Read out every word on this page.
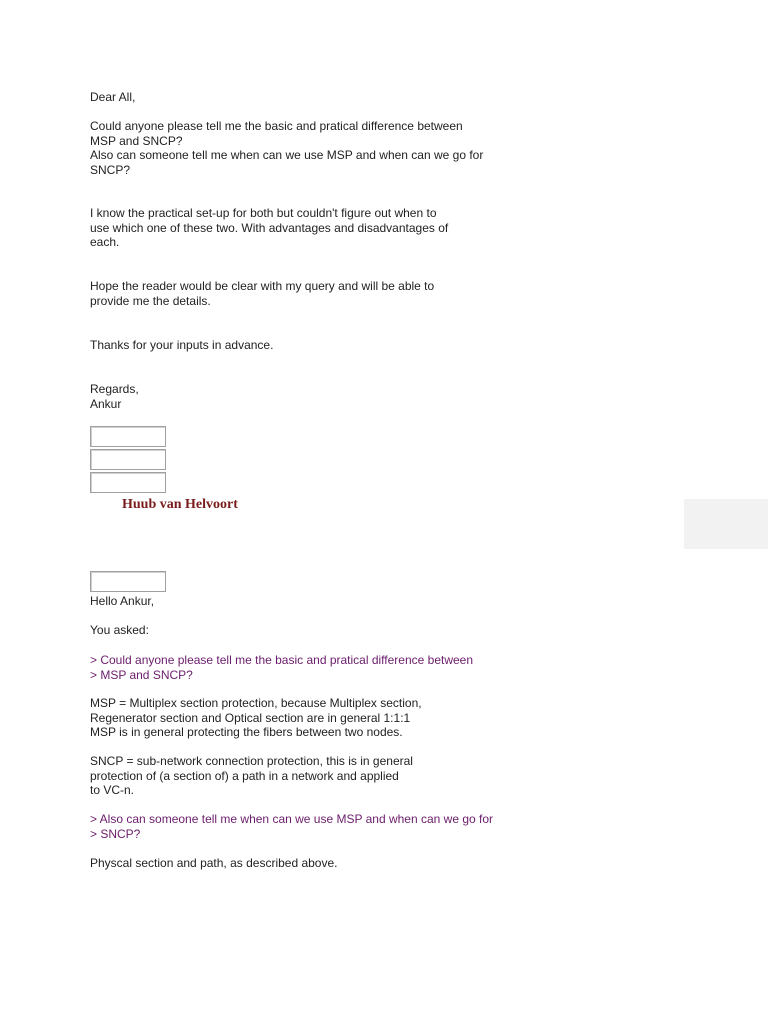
Dear All,
Could anyone please tell me the basic and pratical difference between
MSP and SNCP?
Also can someone tell me when can we use MSP and when can we go for
SNCP?
I know the practical set-up for both but couldn't figure out when to
use which one of these two. With advantages and disadvantages of
each.
Hope the reader would be clear with my query and will be able to
provide me the details.
Thanks for your inputs in advance.
Regards,
Ankur
Huub van Helvoort
Hello Ankur,
You asked:
> Could anyone please tell me the basic and pratical difference between
> MSP and SNCP?
MSP = Multiplex section protection, because Multiplex section,
Regenerator section and Optical section are in general 1:1:1
MSP is in general protecting the fibers between two nodes.
SNCP = sub-network connection protection, this is in general
protection of (a section of) a path in a network and applied
to VC-n.
> Also can someone tell me when can we use MSP and when can we go for
> SNCP?
Physcal section and path, as described above.
